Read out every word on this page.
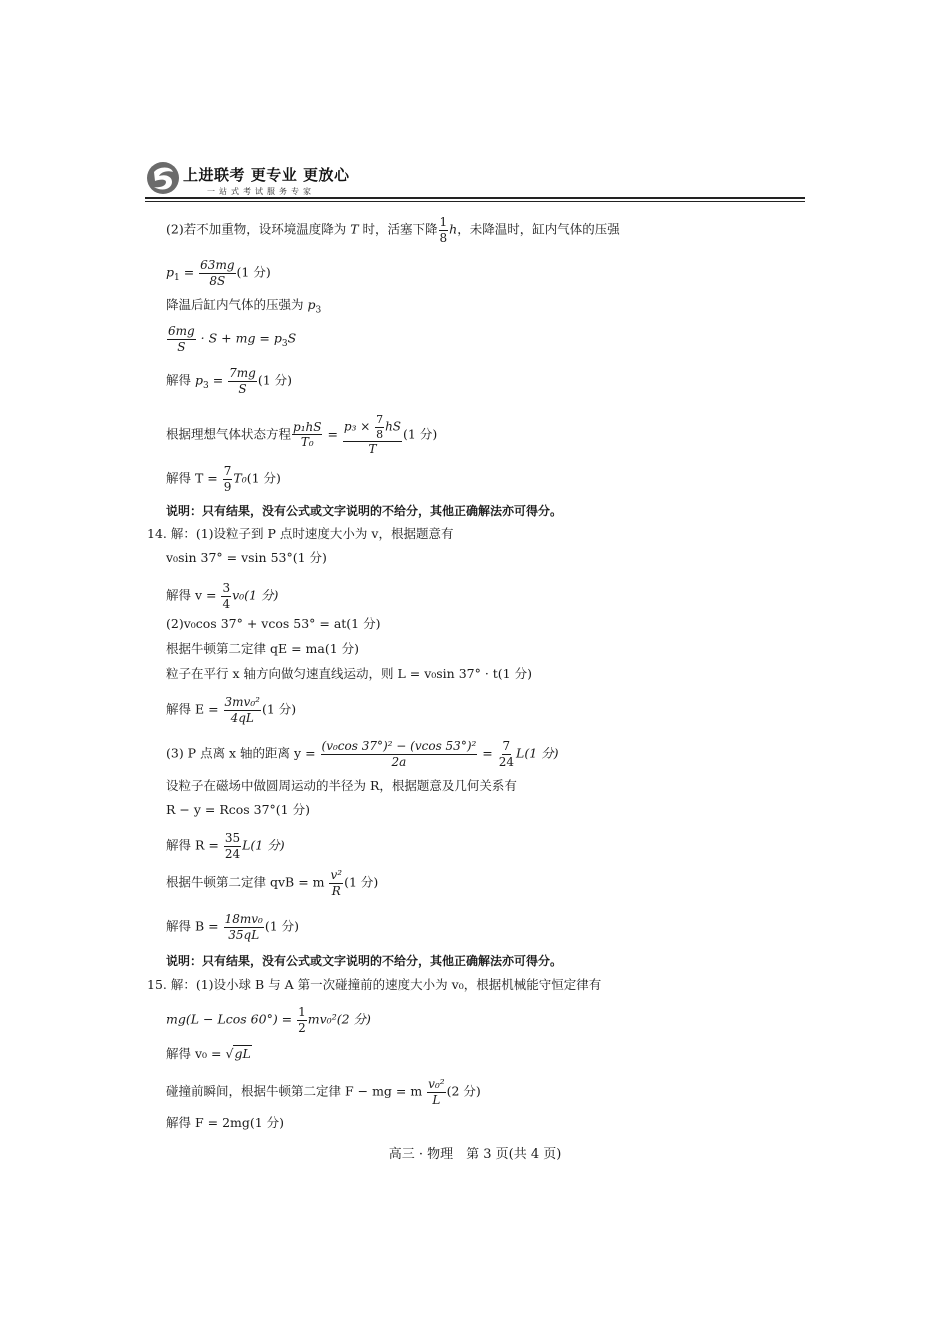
上进联考 更专业 更放心
一站式考试服务专家
(2)若不加重物，设环境温度降为 T 时，活塞下降 $\frac{1}{8}$ h，未降温时，缸内气体的压强
$p_1 = \frac{63mg}{8S} (1$ 分)
降温后缸内气体的压强为 $p_3$
$\frac{6mg}{S} \cdot S$ + mg = $p_3S$
解得 $p_3 = \frac{7mg}{S} (1$ 分)
根据理想气体状态方程 $\frac{\text{p₁hS}}{\text{T₀}} = \frac{p_3 \times \frac{7}{8} hS}{T} (1$ 分)
解得 $T = \frac{7}{9} T_0(1$ 分)
说明：只有结果，没有公式或文字说明的不给分，其他正确解法亦可得分。
14. 解：(1)设粒子到 P 点时速度大小为 v，根据题意有
v₀sin 37° = vsin 53°(1 分)
解得 $v = \frac{3}{4} v_0(1$ 分)
(2)v₀cos 37° + vcos 53° = at(1 分)
根据牛顿第二定律 qE = ma(1 分)
粒子在平行 x 轴方向做匀速直线运动，则 L = v₀sin 37° · t(1 分)
解得 $E = \frac{\text{3mv₀²}}{4qL} (1$ 分)
(3) P 点离 x 轴的距离 $y = \frac{\text{(v₀cos 37°)² − (vcos 53°)²}}{2a} = \frac{7}{24} L(1$ 分)
设粒子在磁场中做圆周运动的半径为 R，根据题意及几何关系有
R − y = Rcos 37°(1 分)
解得 $R = \frac{35}{24} L(1$ 分)
根据牛顿第二定律 qvB = m $\frac{\text{v²}}{R} (1$ 分)
解得 $B = \frac{\text{18mv₀}}{35qL} (1$ 分)
说明：只有结果，没有公式或文字说明的不给分，其他正确解法亦可得分。
15. 解：(1)设小球 B 与 A 第一次碰撞前的速度大小为 v₀，根据机械能守恒定律有
mg(L − Lcos $60^\circ) = \frac{1}{2} mv_0^2(2$ 分)
解得 v₀ = √gL
碰撞前瞬间，根据牛顿第二定律 F − mg = m $\frac{\text{v₀²}}{L} (2$ 分)
解得 F = 2mg(1 分)
高三 · 物理　第 3 页(共 4 页)
